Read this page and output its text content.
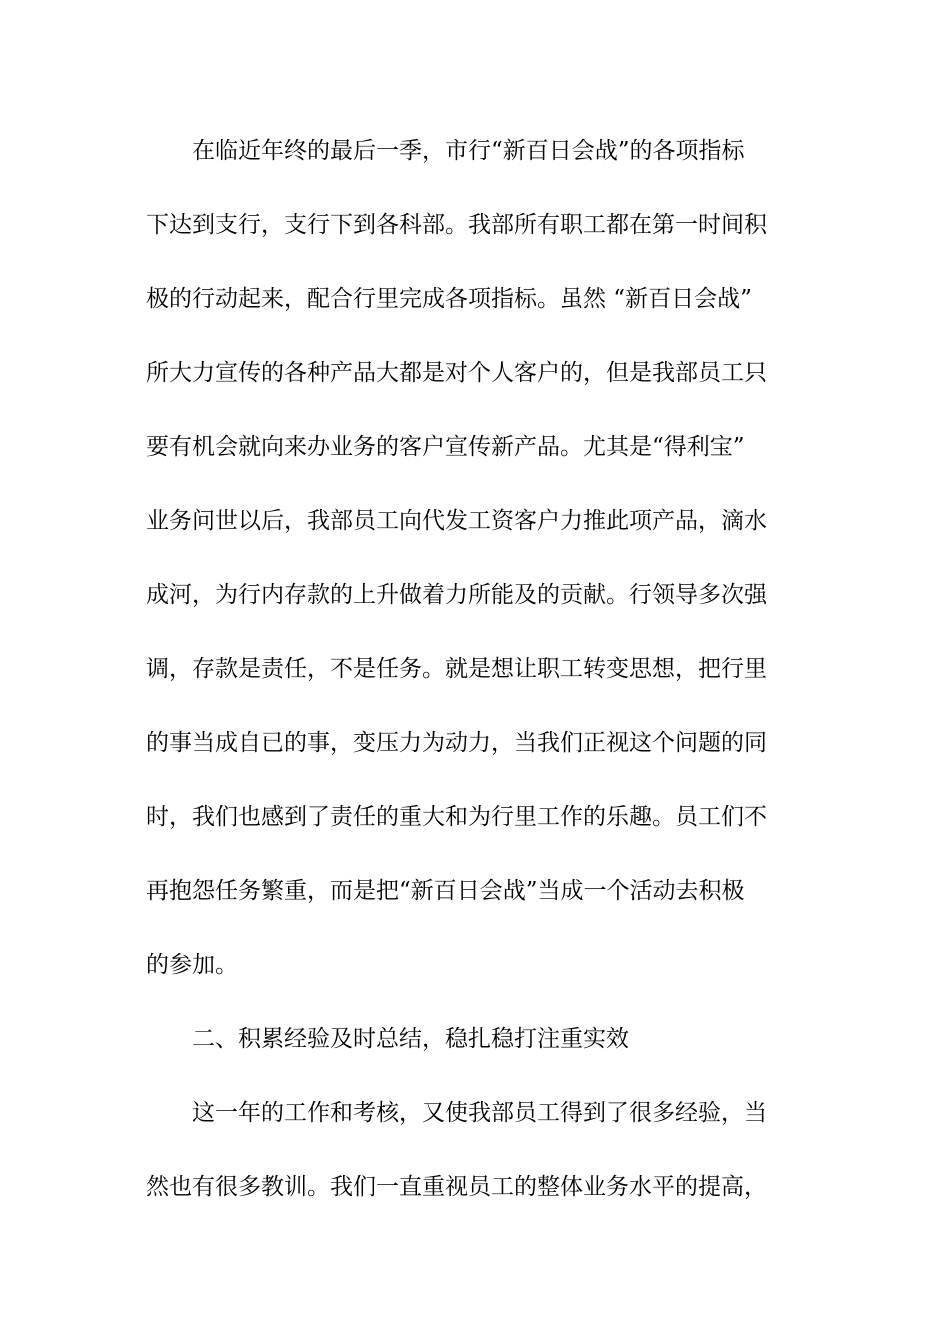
在临近年终的最后一季，市行“新百日会战”的各项指标
下达到支行，支行下到各科部。我部所有职工都在第一时间积
极的行动起来，配合行里完成各项指标。虽然 “新百日会战”
所大力宣传的各种产品大都是对个人客户的，但是我部员工只
要有机会就向来办业务的客户宣传新产品。尤其是“得利宝”
业务问世以后，我部员工向代发工资客户力推此项产品，滴水
成河，为行内存款的上升做着力所能及的贡献。行领导多次强
调，存款是责任，不是任务。就是想让职工转变思想，把行里
的事当成自已的事，变压力为动力，当我们正视这个问题的同
时，我们也感到了责任的重大和为行里工作的乐趣。员工们不
再抱怨任务繁重，而是把“新百日会战”当成一个活动去积极
的参加。
二、积累经验及时总结，稳扎稳打注重实效
这一年的工作和考核，又使我部员工得到了很多经验，当
然也有很多教训。我们一直重视员工的整体业务水平的提高，
